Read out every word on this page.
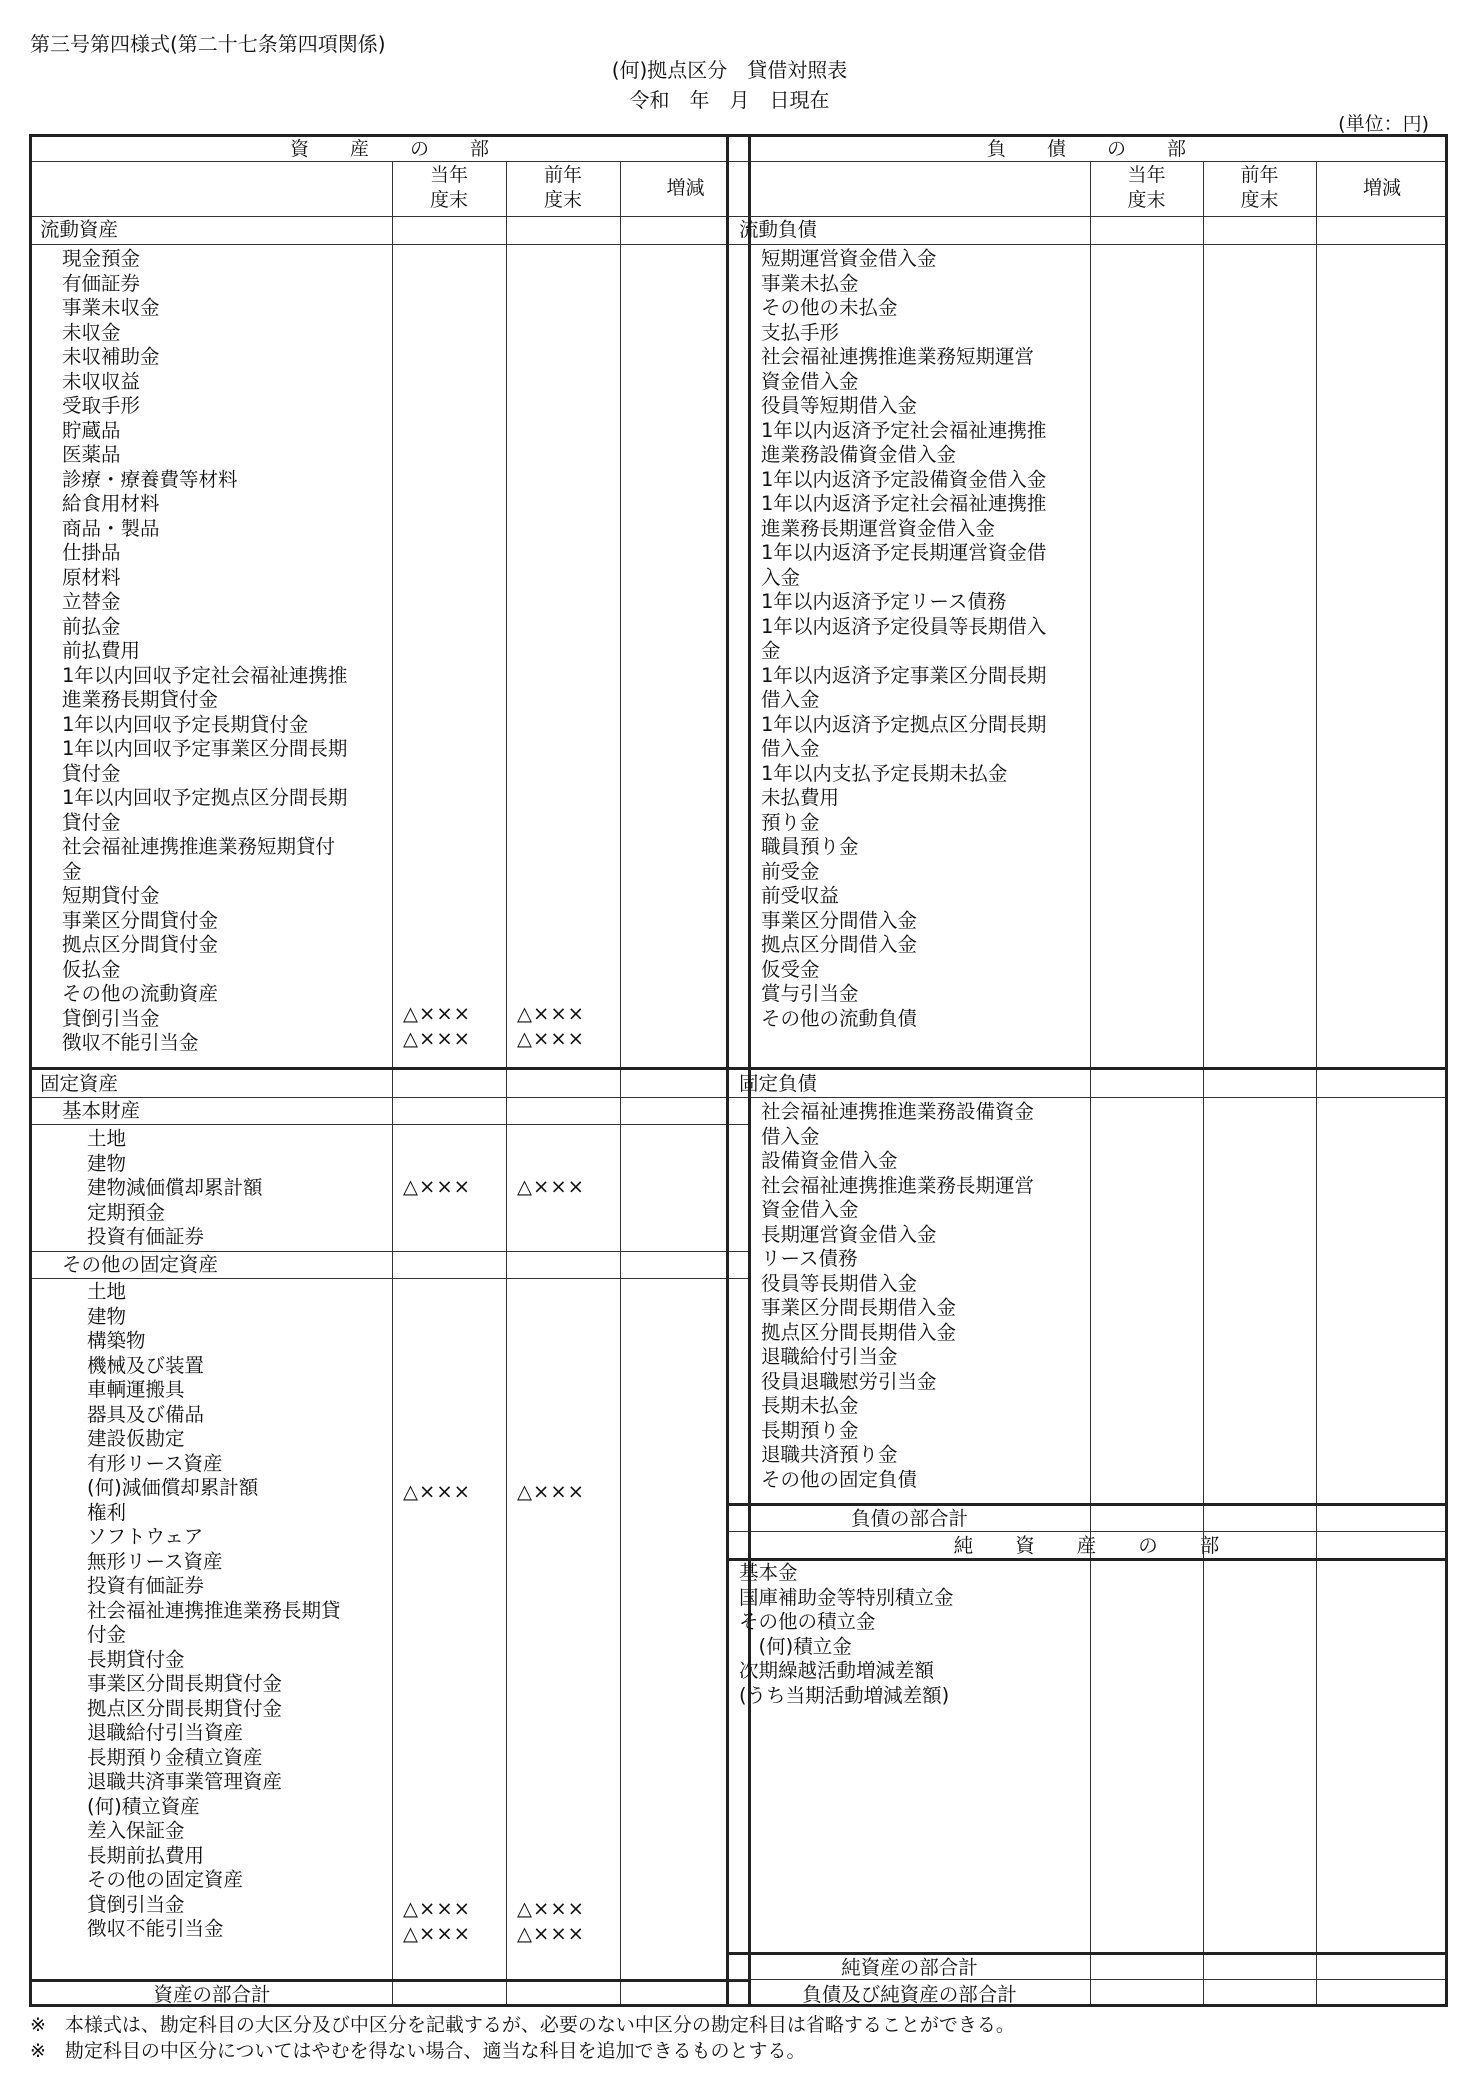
第三号第四様式(第二十七条第四項関係)
(何)拠点区分　貸借対照表
令和　年　月　日現在
(単位：円)
資　　産　　の　　部
当年度末
前年度末
増減
流動資産
現金預金
有価証券
事業未収金
未収金
未収補助金
未収収益
受取手形
貯蔵品
医薬品
診療・療養費等材料
給食用材料
商品・製品
仕掛品
原材料
立替金
前払金
前払費用
1年以内回収予定社会福祉連携推
進業務長期貸付金
1年以内回収予定長期貸付金
1年以内回収予定事業区分間長期
貸付金
1年以内回収予定拠点区分間長期
貸付金
社会福祉連携推進業務短期貸付
金
短期貸付金
事業区分間貸付金
拠点区分間貸付金
仮払金
その他の流動資産
貸倒引当金
徴収不能引当金
△××× △×××
△××× △×××
固定資産
基本財産
土地
建物
建物減価償却累計額
定期預金
投資有価証券
△××× △×××
その他の固定資産
土地
建物
構築物
機械及び装置
車輌運搬具
器具及び備品
建設仮勘定
有形リース資産
(何)減価償却累計額
権利
ソフトウェア
無形リース資産
投資有価証券
社会福祉連携推進業務長期貸
付金
長期貸付金
事業区分間長期貸付金
拠点区分間長期貸付金
退職給付引当資産
長期預り金積立資産
退職共済事業管理資産
(何)積立資産
差入保証金
長期前払費用
その他の固定資産
貸倒引当金
徴収不能引当金
△××× △×××
△××× △×××
△××× △×××
資産の部合計
負　　債　　の　　部
当年度末
前年度末
増減
流動負債
短期運営資金借入金
事業未払金
その他の未払金
支払手形
社会福祉連携推進業務短期運営
資金借入金
役員等短期借入金
1年以内返済予定社会福祉連携推
進業務設備資金借入金
1年以内返済予定設備資金借入金
1年以内返済予定社会福祉連携推
進業務長期運営資金借入金
1年以内返済予定長期運営資金借
入金
1年以内返済予定リース債務
1年以内返済予定役員等長期借入
金
1年以内返済予定事業区分間長期
借入金
1年以内返済予定拠点区分間長期
借入金
1年以内支払予定長期未払金
未払費用
預り金
職員預り金
前受金
前受収益
事業区分間借入金
拠点区分間借入金
仮受金
賞与引当金
その他の流動負債
固定負債
社会福祉連携推進業務設備資金
借入金
設備資金借入金
社会福祉連携推進業務長期運営
資金借入金
長期運営資金借入金
リース債務
役員等長期借入金
事業区分間長期借入金
拠点区分間長期借入金
退職給付引当金
役員退職慰労引当金
長期未払金
長期預り金
退職共済預り金
その他の固定負債
負債の部合計
純　　資　　産　　の　　部
基本金
国庫補助金等特別積立金
その他の積立金
　(何)積立金
次期繰越活動増減差額
(うち当期活動増減差額)
純資産の部合計
負債及び純資産の部合計
※　本様式は、勘定科目の大区分及び中区分を記載するが、必要のない中区分の勘定科目は省略することができる。
※　勘定科目の中区分についてはやむを得ない場合、適当な科目を追加できるものとする。
